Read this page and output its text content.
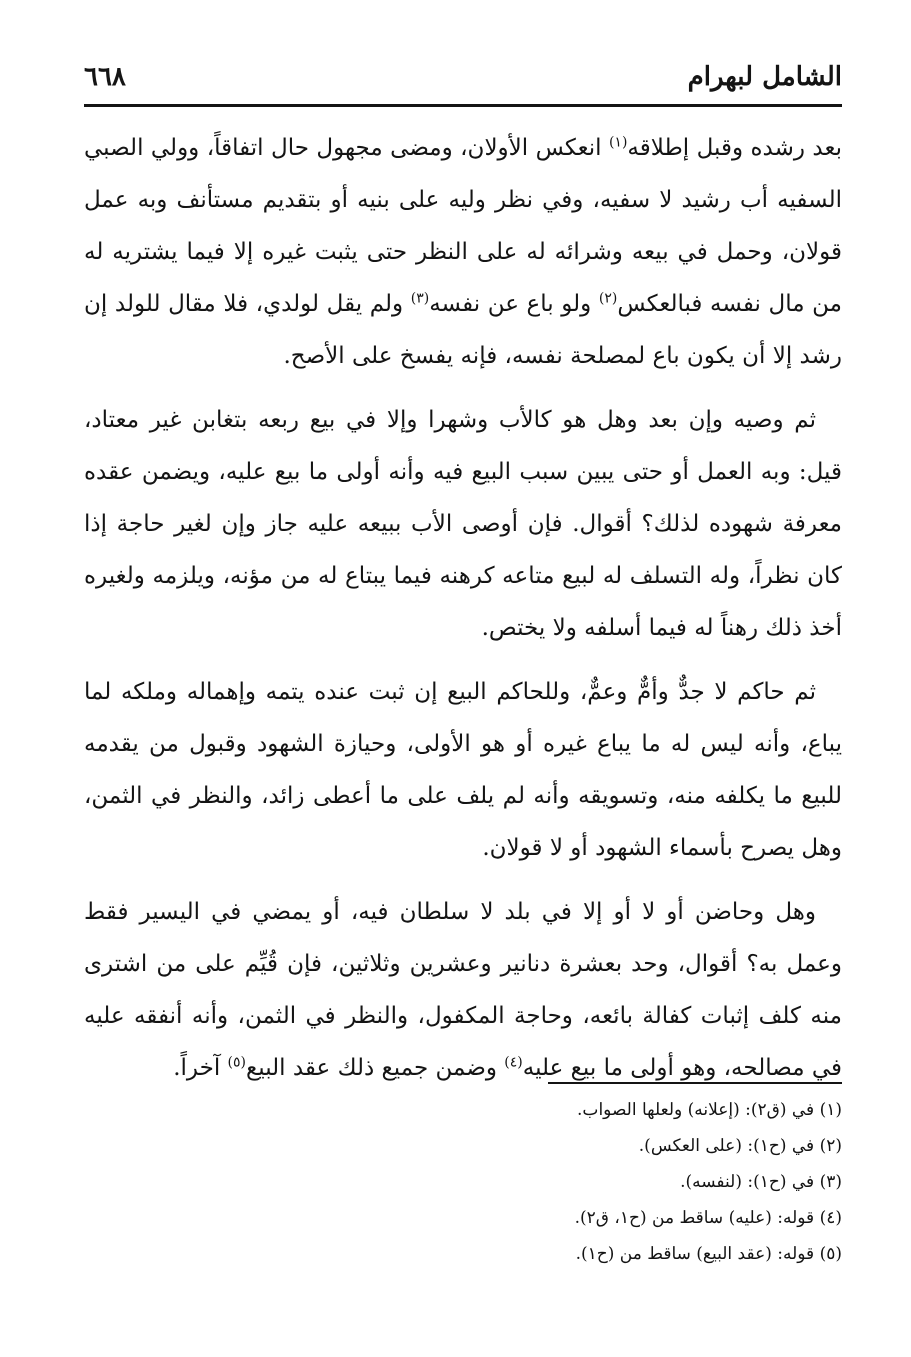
الشامل لبهرام
٦٦٨

بعد رشده وقبل إطلاقه$^{(١)}$ انعكس الأولان، ومضى مجهول حال اتفاقاً، وولي الصبي السفيه أب رشيد لا سفيه، وفي نظر وليه على بنيه أو بتقديم مستأنف وبه عمل قولان، وحمل في بيعه وشرائه له على النظر حتى يثبت غيره إلا فيما يشتريه له من مال نفسه فبالعكس$^{(٢)}$ ولو باع عن نفسه$^{(٣)}$ ولم يقل لولدي، فلا مقال للولد إن رشد إلا أن يكون باع لمصلحة نفسه، فإنه يفسخ على الأصح.

ثم وصيه وإن بعد وهل هو كالأب وشهرا وإلا في بيع ربعه بتغابن غير معتاد، قيل: وبه العمل أو حتى يبين سبب البيع فيه وأنه أولى ما بيع عليه، ويضمن عقده معرفة شهوده لذلك؟ أقوال. فإن أوصى الأب ببيعه عليه جاز وإن لغير حاجة إذا كان نظراً، وله التسلف له لبيع متاعه كرهنه فيما يبتاع له من مؤنه، ويلزمه ولغيره أخذ ذلك رهناً له فيما أسلفه ولا يختص.

ثم حاكم لا جدٌّ وأمٌّ وعمٌّ، وللحاكم البيع إن ثبت عنده يتمه وإهماله وملكه لما يباع، وأنه ليس له ما يباع غيره أو هو الأولى، وحيازة الشهود وقبول من يقدمه للبيع ما يكلفه منه، وتسويقه وأنه لم يلف على ما أعطى زائد، والنظر في الثمن، وهل يصرح بأسماء الشهود أو لا قولان.

وهل وحاضن أو لا أو إلا في بلد لا سلطان فيه، أو يمضي في اليسير فقط وعمل به؟ أقوال، وحد بعشرة دنانير وعشرين وثلاثين، فإن قُيِّم على من اشترى منه كلف إثبات كفالة بائعه، وحاجة المكفول، والنظر في الثمن، وأنه أنفقه عليه في مصالحه، وهو أولى ما بيع عليه$^{(٤)}$ وضمن جميع ذلك عقد البيع$^{(٥)}$ آخراً.

(١) في (ق٢): (إعلانه) ولعلها الصواب.

(٢) في (ح١): (على العكس).

(٣) في (ح١): (لنفسه).

(٤) قوله: (عليه) ساقط من (ح١، ق٢).

(٥) قوله: (عقد البيع) ساقط من (ح١).
